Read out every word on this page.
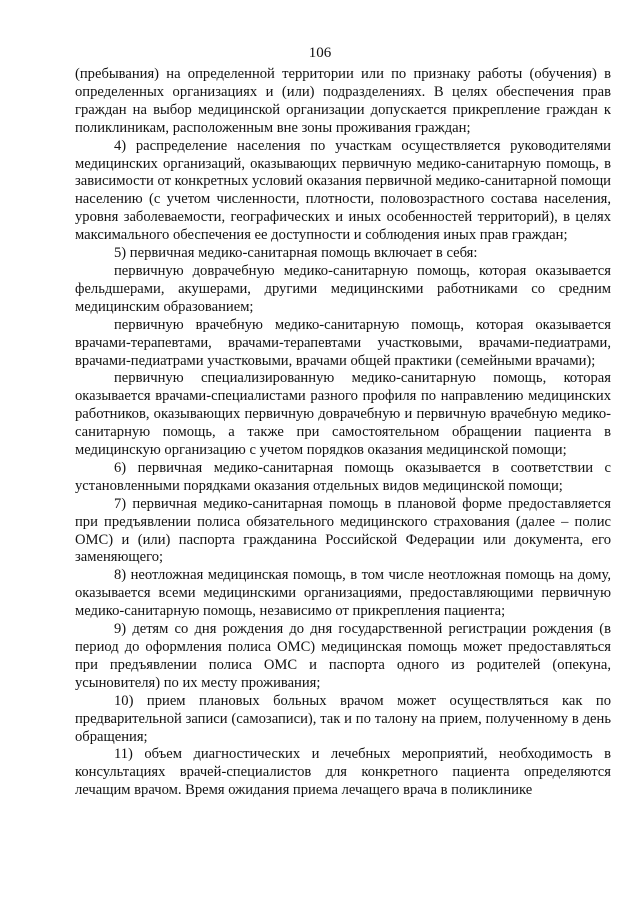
106

(пребывания) на определенной территории или по признаку работы (обучения) в определенных организациях и (или) подразделениях. В целях обеспечения прав граждан на выбор медицинской организации допускается прикрепление граждан к поликлиникам, расположенным вне зоны проживания граждан;

4) распределение населения по участкам осуществляется руководителями медицинских организаций, оказывающих первичную медико-санитарную помощь, в зависимости от конкретных условий оказания первичной медико-санитарной помощи населению (с учетом численности, плотности, половозрастного состава населения, уровня заболеваемости, географических и иных особенностей территорий), в целях максимального обеспечения ее доступности и соблюдения иных прав граждан;

5) первичная медико-санитарная помощь включает в себя:

первичную доврачебную медико-санитарную помощь, которая оказывается фельдшерами, акушерами, другими медицинскими работниками со средним медицинским образованием;

первичную врачебную медико-санитарную помощь, которая оказывается врачами-терапевтами, врачами-терапевтами участковыми, врачами-педиатрами, врачами-педиатрами участковыми, врачами общей практики (семейными врачами);

первичную специализированную медико-санитарную помощь, которая оказывается врачами-специалистами разного профиля по направлению медицинских работников, оказывающих первичную доврачебную и первичную врачебную медико-санитарную помощь, а также при самостоятельном обращении пациента в медицинскую организацию с учетом порядков оказания медицинской помощи;

6) первичная медико-санитарная помощь оказывается в соответствии с установленными порядками оказания отдельных видов медицинской помощи;

7) первичная медико-санитарная помощь в плановой форме предоставляется при предъявлении полиса обязательного медицинского страхования (далее – полис ОМС) и (или) паспорта гражданина Российской Федерации или документа, его заменяющего;

8) неотложная медицинская помощь, в том числе неотложная помощь на дому, оказывается всеми медицинскими организациями, предоставляющими первичную медико-санитарную помощь, независимо от прикрепления пациента;

9) детям со дня рождения до дня государственной регистрации рождения (в период до оформления полиса ОМС) медицинская помощь может предоставляться при предъявлении полиса ОМС и паспорта одного из родителей (опекуна, усыновителя) по их месту проживания;

10) прием плановых больных врачом может осуществляться как по предварительной записи (самозаписи), так и по талону на прием, полученному в день обращения;

11) объем диагностических и лечебных мероприятий, необходимость в консультациях врачей-специалистов для конкретного пациента определяются лечащим врачом. Время ожидания приема лечащего врача в поликлинике
